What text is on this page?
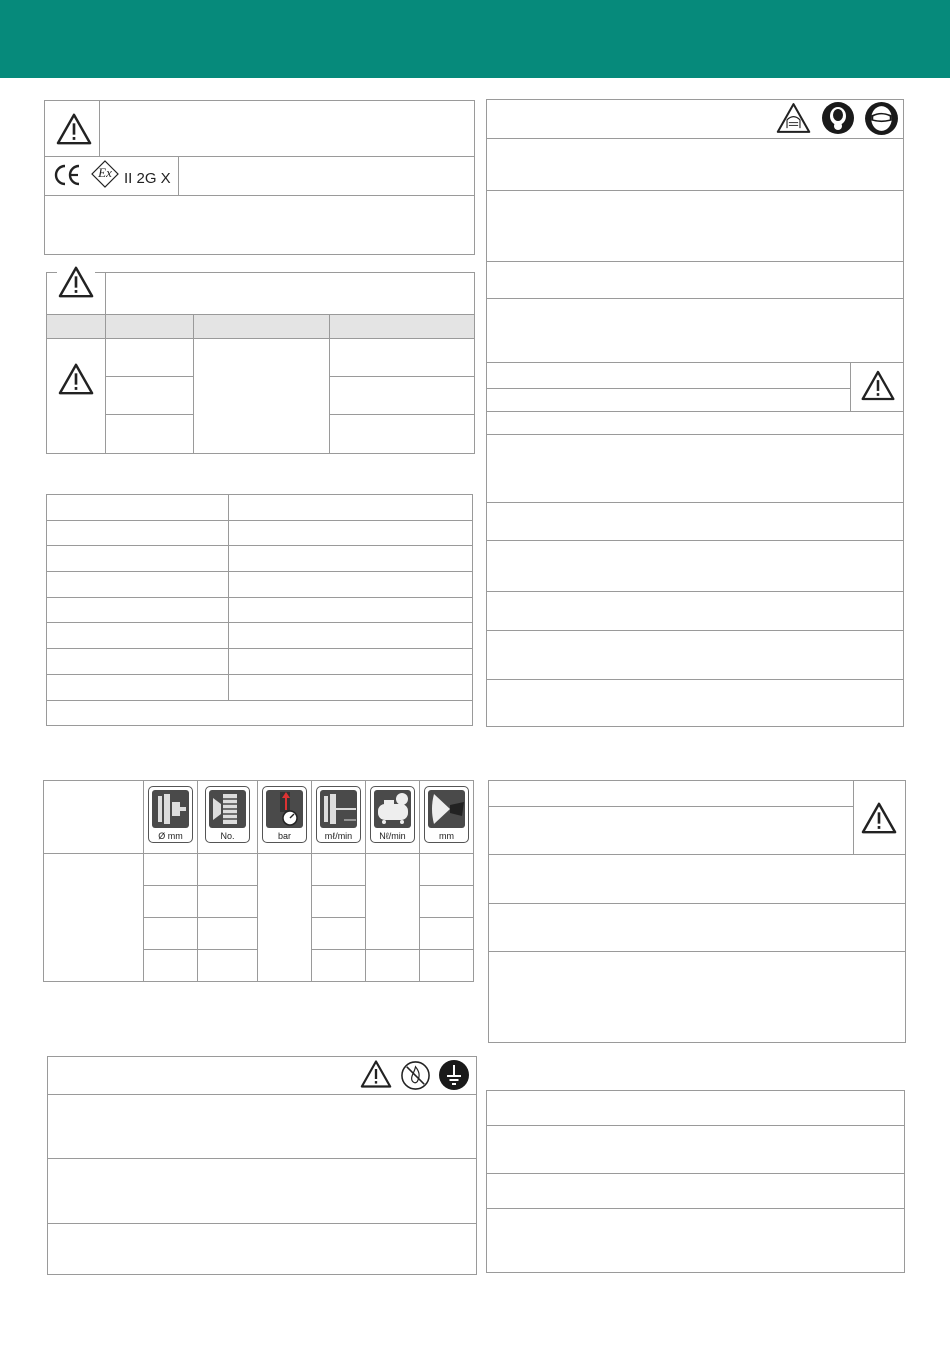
Ex II 2G X
Ø mm	No.	bar	mℓ/min	Nℓ/min	mm
